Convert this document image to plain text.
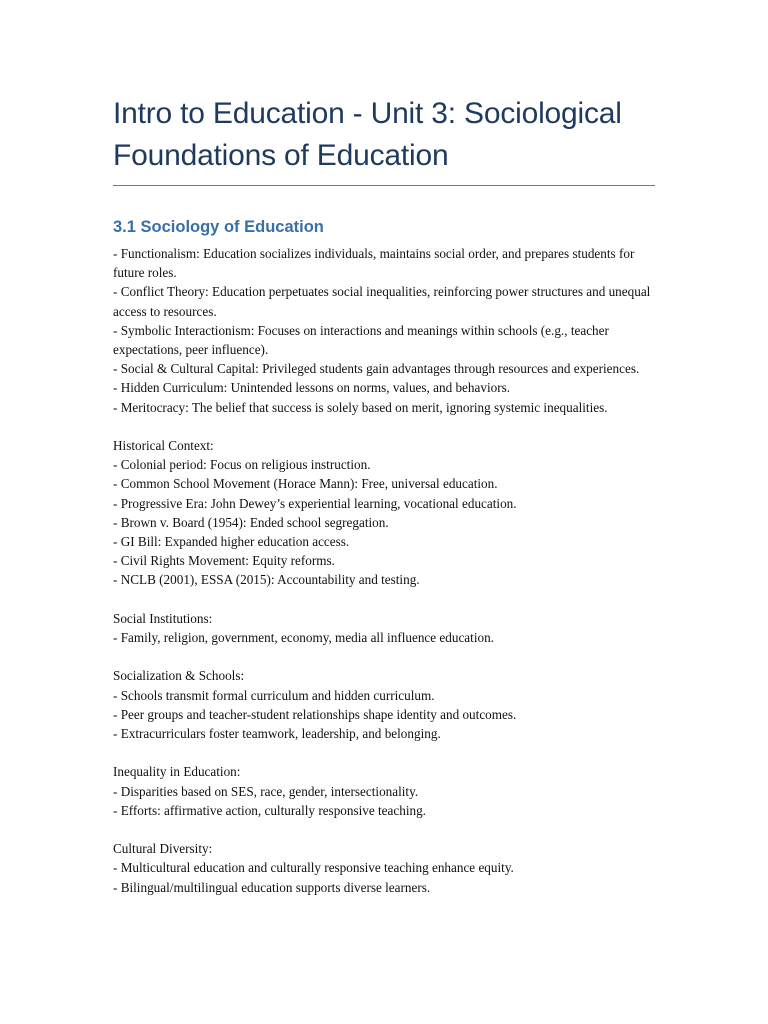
Intro to Education - Unit 3: Sociological Foundations of Education
3.1 Sociology of Education

- Functionalism: Education socializes individuals, maintains social order, and prepares students for future roles.

- Conflict Theory: Education perpetuates social inequalities, reinforcing power structures and unequal access to resources.

- Symbolic Interactionism: Focuses on interactions and meanings within schools (e.g., teacher expectations, peer influence).

- Social & Cultural Capital: Privileged students gain advantages through resources and experiences.

- Hidden Curriculum: Unintended lessons on norms, values, and behaviors.

- Meritocracy: The belief that success is solely based on merit, ignoring systemic inequalities.

Historical Context:

- Colonial period: Focus on religious instruction.

- Common School Movement (Horace Mann): Free, universal education.

- Progressive Era: John Dewey’s experiential learning, vocational education.

- Brown v. Board (1954): Ended school segregation.

- GI Bill: Expanded higher education access.

- Civil Rights Movement: Equity reforms.

- NCLB (2001), ESSA (2015): Accountability and testing.

Social Institutions:

- Family, religion, government, economy, media all influence education.

Socialization & Schools:

- Schools transmit formal curriculum and hidden curriculum.

- Peer groups and teacher-student relationships shape identity and outcomes.

- Extracurriculars foster teamwork, leadership, and belonging.

Inequality in Education:

- Disparities based on SES, race, gender, intersectionality.

- Efforts: affirmative action, culturally responsive teaching.

Cultural Diversity:

- Multicultural education and culturally responsive teaching enhance equity.

- Bilingual/multilingual education supports diverse learners.
